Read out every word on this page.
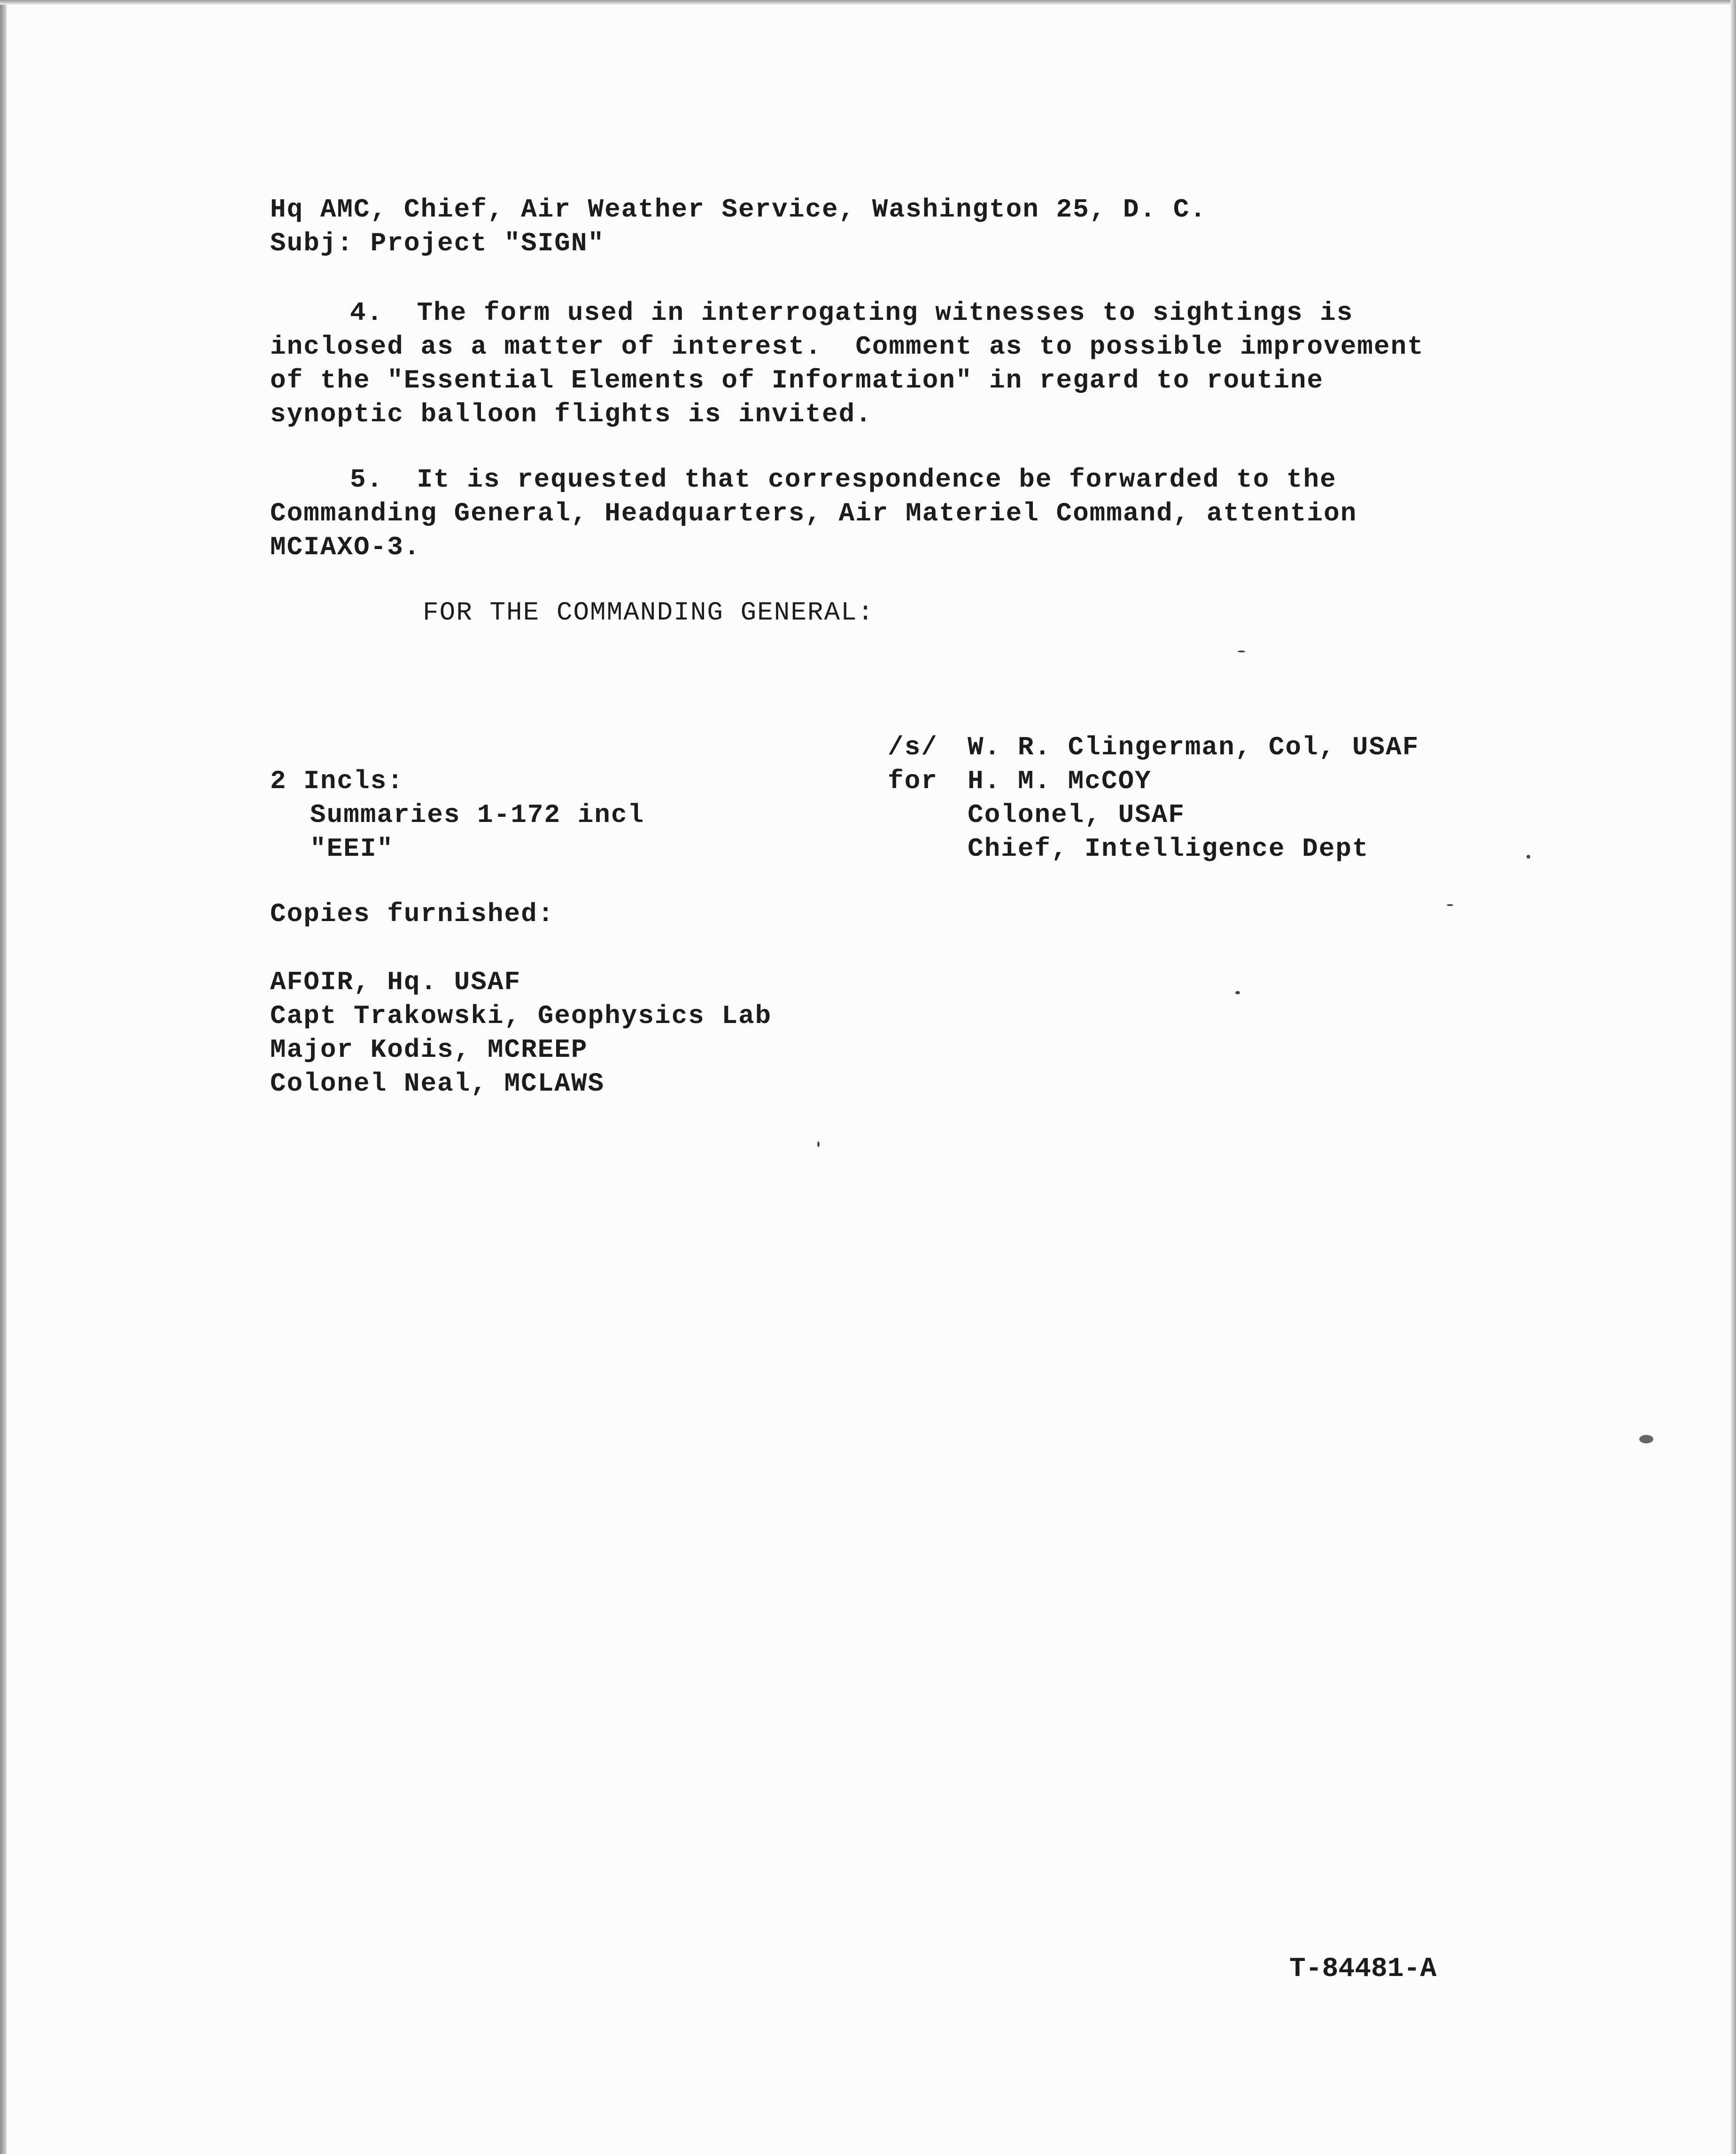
Hq AMC, Chief, Air Weather Service, Washington 25, D. C.
Subj: Project "SIGN"
4. The form used in interrogating witnesses to sightings is
inclosed as a matter of interest.  Comment as to possible improvement
of the "Essential Elements of Information" in regard to routine
synoptic balloon flights is invited.
5. It is requested that correspondence be forwarded to the
Commanding General, Headquarters, Air Materiel Command, attention
MCIAXO-3.
FOR THE COMMANDING GENERAL:
/s/
for
W. R. Clingerman, Col, USAF
H. M. McCOY
Colonel, USAF
Chief, Intelligence Dept
2 Incls:
Summaries 1-172 incl
"EEI"
Copies furnished:
AFOIR, Hq. USAF
Capt Trakowski, Geophysics Lab
Major Kodis, MCREEP
Colonel Neal, MCLAWS
T-84481-A
